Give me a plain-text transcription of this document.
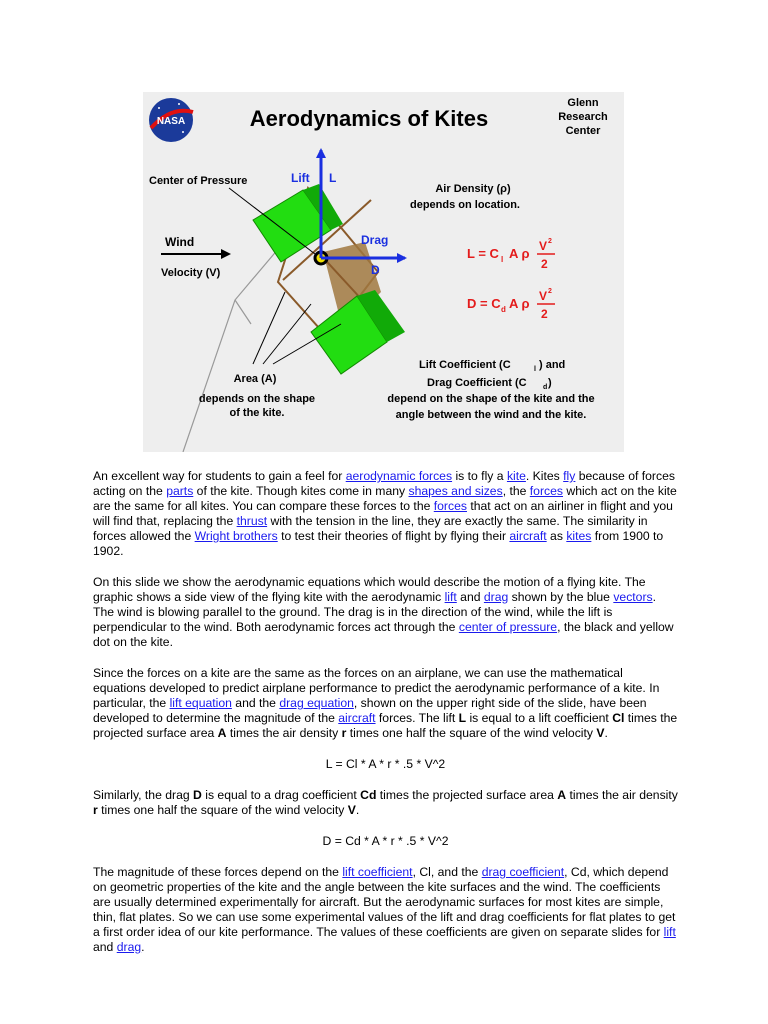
NASA	Aerodynamics of Kites
Glenn
Research
Center
Center of Pressure	Lift L
Drag
D
Wind
Velocity (V)
Air Density (ρ)
depends on location.
L = C l A ρ V 2
2
D = C d A ρ V 2
2
Lift Coefficient (C	l ) and
Drag Coefficient (C d )
depend on the shape of the kite and the
angle between the wind and the kite.
Area (A)
depends on the shape
of the kite.

An excellent way for students to gain a feel for aerodynamic forces is to fly a kite. Kites fly because of forces acting on the parts of the kite. Though kites come in many shapes and sizes, the forces which act on the kite are the same for all kites. You can compare these forces to the forces that act on an airliner in flight and you will find that, replacing the thrust with the tension in the line, they are exactly the same. The similarity in forces allowed the Wright brothers to test their theories of flight by flying their aircraft as kites from 1900 to 1902.

On this slide we show the aerodynamic equations which would describe the motion of a flying kite. The graphic shows a side view of the flying kite with the aerodynamic lift and drag shown by the blue vectors. The wind is blowing parallel to the ground. The drag is in the direction of the wind, while the lift is perpendicular to the wind. Both aerodynamic forces act through the center of pressure, the black and yellow dot on the kite.

Since the forces on a kite are the same as the forces on an airplane, we can use the mathematical equations developed to predict airplane performance to predict the aerodynamic performance of a kite. In particular, the lift equation and the drag equation, shown on the upper right side of the slide, have been developed to determine the magnitude of the aircraft forces. The lift L is equal to a lift coefficient Cl times the projected surface area A times the air density r times one half the square of the wind velocity V.

L = Cl * A * r * .5 * V^2

Similarly, the drag D is equal to a drag coefficient Cd times the projected surface area A times the air density r times one half the square of the wind velocity V.

D = Cd * A * r * .5 * V^2

The magnitude of these forces depend on the lift coefficient, Cl, and the drag coefficient, Cd, which depend on geometric properties of the kite and the angle between the kite surfaces and the wind. The coefficients are usually determined experimentally for aircraft. But the aerodynamic surfaces for most kites are simple, thin, flat plates. So we can use some experimental values of the lift and drag coefficients for flat plates to get a first order idea of our kite performance. The values of these coefficients are given on separate slides for lift and drag.
